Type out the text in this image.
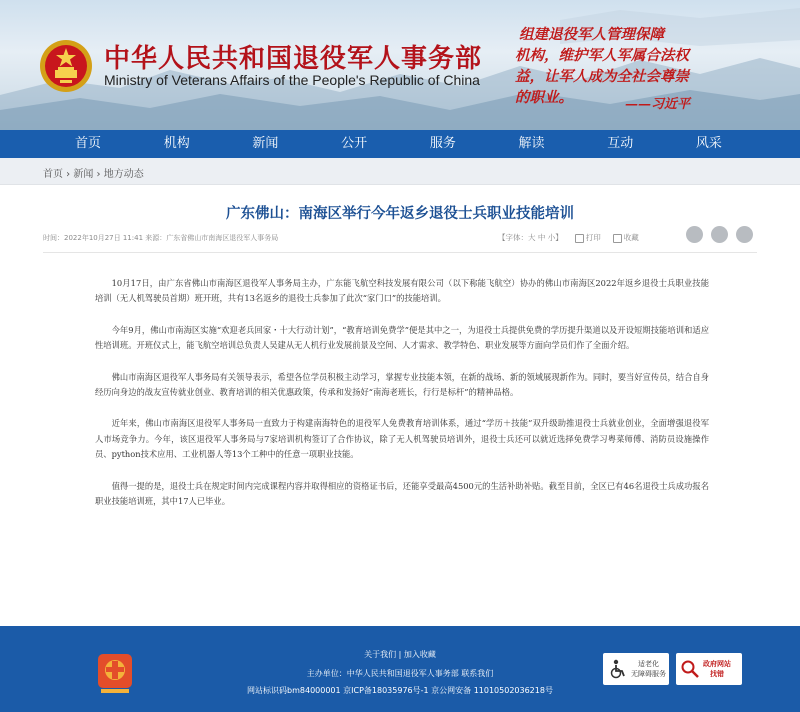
中华人民共和国退役军人事务部
Ministry of Veterans Affairs of the People's Republic of China
组建退役军人管理保障
机构，维护军人军属合法权
益，让军人成为全社会尊崇
的职业。	——习近平
首页	机构	新闻	公开	服务	解读	互动	风采
首页 › 新闻 › 地方动态
广东佛山：南海区举行今年返乡退役士兵职业技能培训
时间：2022年10月27日 11:41 来源：广东省佛山市南海区退役军人事务局	【字体：大 中 小】	打印	收藏

10月17日，由广东省佛山市南海区退役军人事务局主办，广东能飞航空科技发展有限公司（以下称能飞航空）协办的佛山市南海区2022年返乡退役士兵职业技能培训（无人机驾驶员首期）班开班，共有13名返乡的退役士兵参加了此次“家门口”的技能培训。

今年9月，佛山市南海区实施“欢迎老兵回家・十大行动计划”，“教育培训免费学”便是其中之一，为退役士兵提供免费的学历提升渠道以及开设短期技能培训和适应性培训班。开班仪式上，能飞航空培训总负责人吴建从无人机行业发展前景及空间、人才需求、教学特色、职业发展等方面向学员们作了全面介绍。

佛山市南海区退役军人事务局有关领导表示，希望各位学员积极主动学习，掌握专业技能本领，在新的战场、新的领域展现新作为。同时，要当好宣传员，结合自身经历向身边的战友宣传就业创业、教育培训的相关优惠政策，传承和发扬好“南海老班长，行行是标杆”的精神品格。

近年来，佛山市南海区退役军人事务局一直致力于构建南海特色的退役军人免费教育培训体系，通过“学历＋技能”双升级助推退役士兵就业创业，全面增强退役军人市场竞争力。今年，该区退役军人事务局与7家培训机构签订了合作协议，除了无人机驾驶员培训外，退役士兵还可以就近选择免费学习粤菜师傅、消防员设施操作员、python技术应用、工业机器人等13个工种中的任意一项职业技能。

值得一提的是，退役士兵在规定时间内完成课程内容并取得相应的资格证书后，还能享受最高4500元的生活补助补贴。截至目前，全区已有46名退役士兵成功报名职业技能培训班，其中17人已毕业。

关于我们 | 加入收藏
主办单位：中华人民共和国退役军人事务部 联系我们
网站标识码bm84000001 京ICP备18035976号-1 京公网安备 11010502036218号
适老化
无障碍服务
政府网站
找错
